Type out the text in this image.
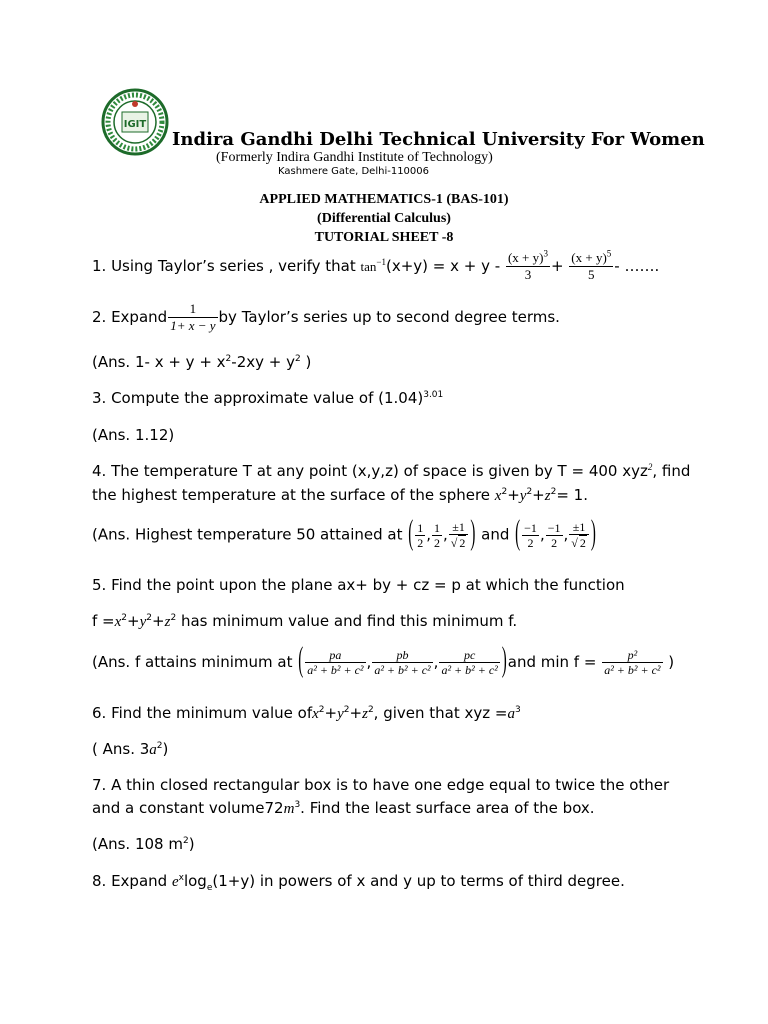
IGIT
Indira Gandhi Delhi Technical University For Women
(Formerly Indira Gandhi Institute of Technology)
Kashmere Gate, Delhi-110006
APPLIED MATHEMATICS-1 (BAS-101)
(Differential Calculus)
TUTORIAL SHEET -8
1. Using Taylor’s series , verify that $\tan^{-1}(x+y) = x + y - \frac{(x + y)^3}{3} + \frac{(x + y)^5}{5}$ - …….
2. Expand $\frac{1}{1+ x - y}$ by Taylor’s series up to second degree terms.
(Ans. 1- $x + y + x^2-2xy + y^2$ )
3. Compute the approximate value of $(1.04)^{3.01}$
(Ans. 1.12)
4. The temperature T at any point (x,y,z) of space is given by T = 400 xyz$^2$, find
the highest temperature at the surface of the sphere $x^2+y^2+z^2= 1$.
(Ans. Highest temperature 50 attained at ( $\frac{1}{2}$ , $\frac{1}{2}$ , $\frac{\pm 1}{√ 2}$ ) and ( $\frac{-1}{2}$ , $\frac{-1}{2}$ , $\frac{\pm 1}{√ 2}$ )
5. Find the point upon the plane ax+ by + cz = p at which the function
$f =x^2+y^2+z^2$ has minimum value and find this minimum f.
(Ans. f attains minimum at ( $\frac{pa}{\text{a² + b² + c²}}$ , $\frac{pb}{\text{a² + b² + c²}}$ , $\frac{pc}{\text{a² + b² + c²}} )and$ $\min f = \frac{\text{p²}}{\text{a² + b² + c²}}$ )
6. Find the minimum value $ofx^2+y^2+z^2$, given that xyz $=a^3$
( Ans. $3a^2$)
7. A thin closed rectangular box is to have one edge equal to twice the other
and a constant $volume72m^3$. Find the least surface area of the box.
(Ans. 108 $m^2$)
8. Expand $e^x\log_e(1+y)$ in powers of x and y up to terms of third degree.
